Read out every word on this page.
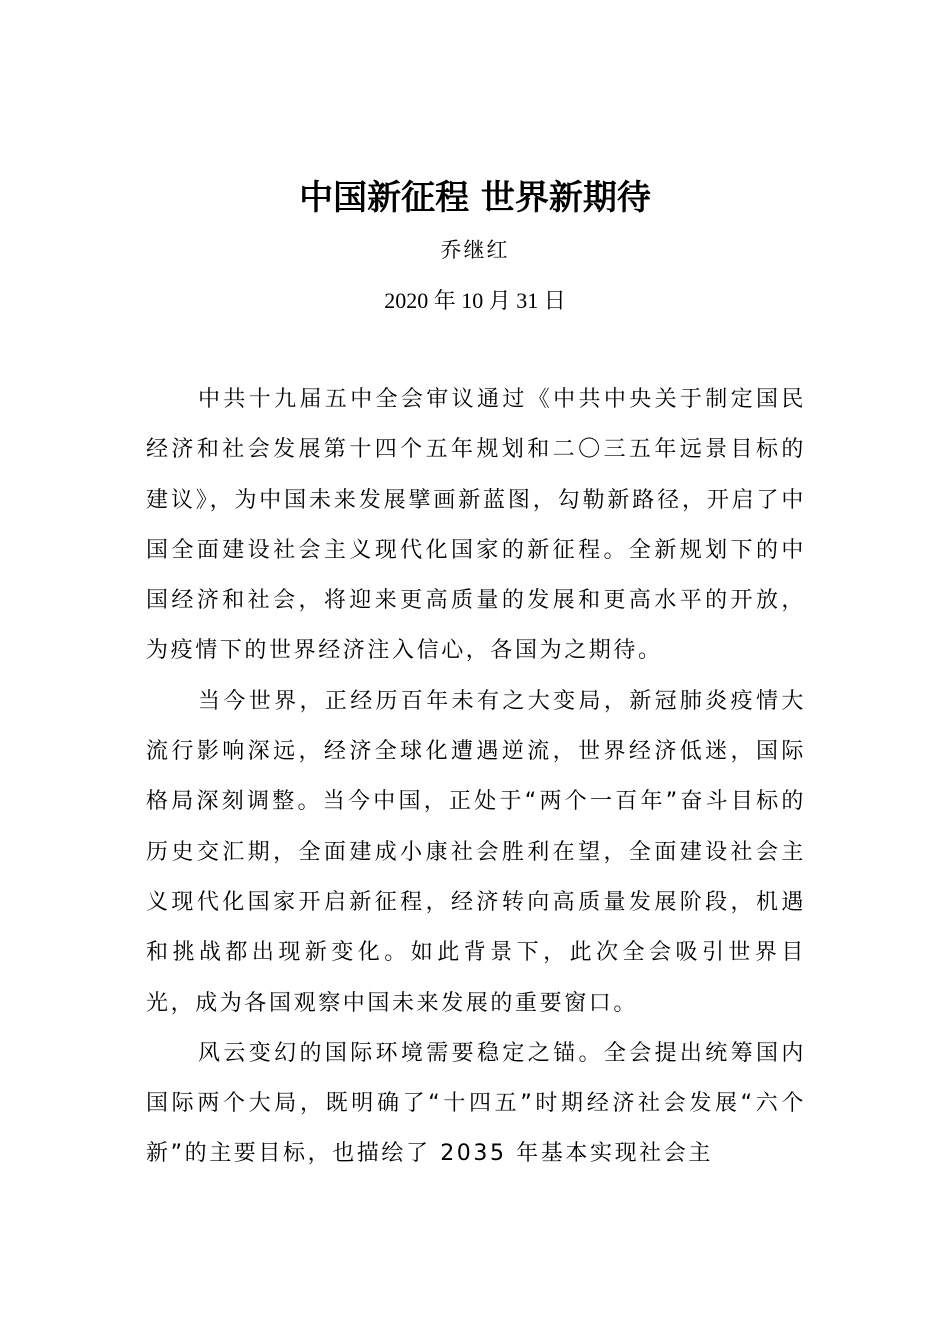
中国新征程 世界新期待
乔继红
2020 年 10 月 31 日

中共十九届五中全会审议通过《中共中央关于制定国民经济和社会发展第十四个五年规划和二〇三五年远景目标的建议》，为中国未来发展擘画新蓝图，勾勒新路径，开启了中国全面建设社会主义现代化国家的新征程。全新规划下的中国经济和社会，将迎来更高质量的发展和更高水平的开放，为疫情下的世界经济注入信心，各国为之期待。

当今世界，正经历百年未有之大变局，新冠肺炎疫情大流行影响深远，经济全球化遭遇逆流，世界经济低迷，国际格局深刻调整。当今中国，正处于“两个一百年”奋斗目标的历史交汇期，全面建成小康社会胜利在望，全面建设社会主义现代化国家开启新征程，经济转向高质量发展阶段，机遇和挑战都出现新变化。如此背景下，此次全会吸引世界目光，成为各国观察中国未来发展的重要窗口。

风云变幻的国际环境需要稳定之锚。全会提出统筹国内国际两个大局，既明确了“十四五”时期经济社会发展“六个新”的主要目标，也描绘了 2035 年基本实现社会主
